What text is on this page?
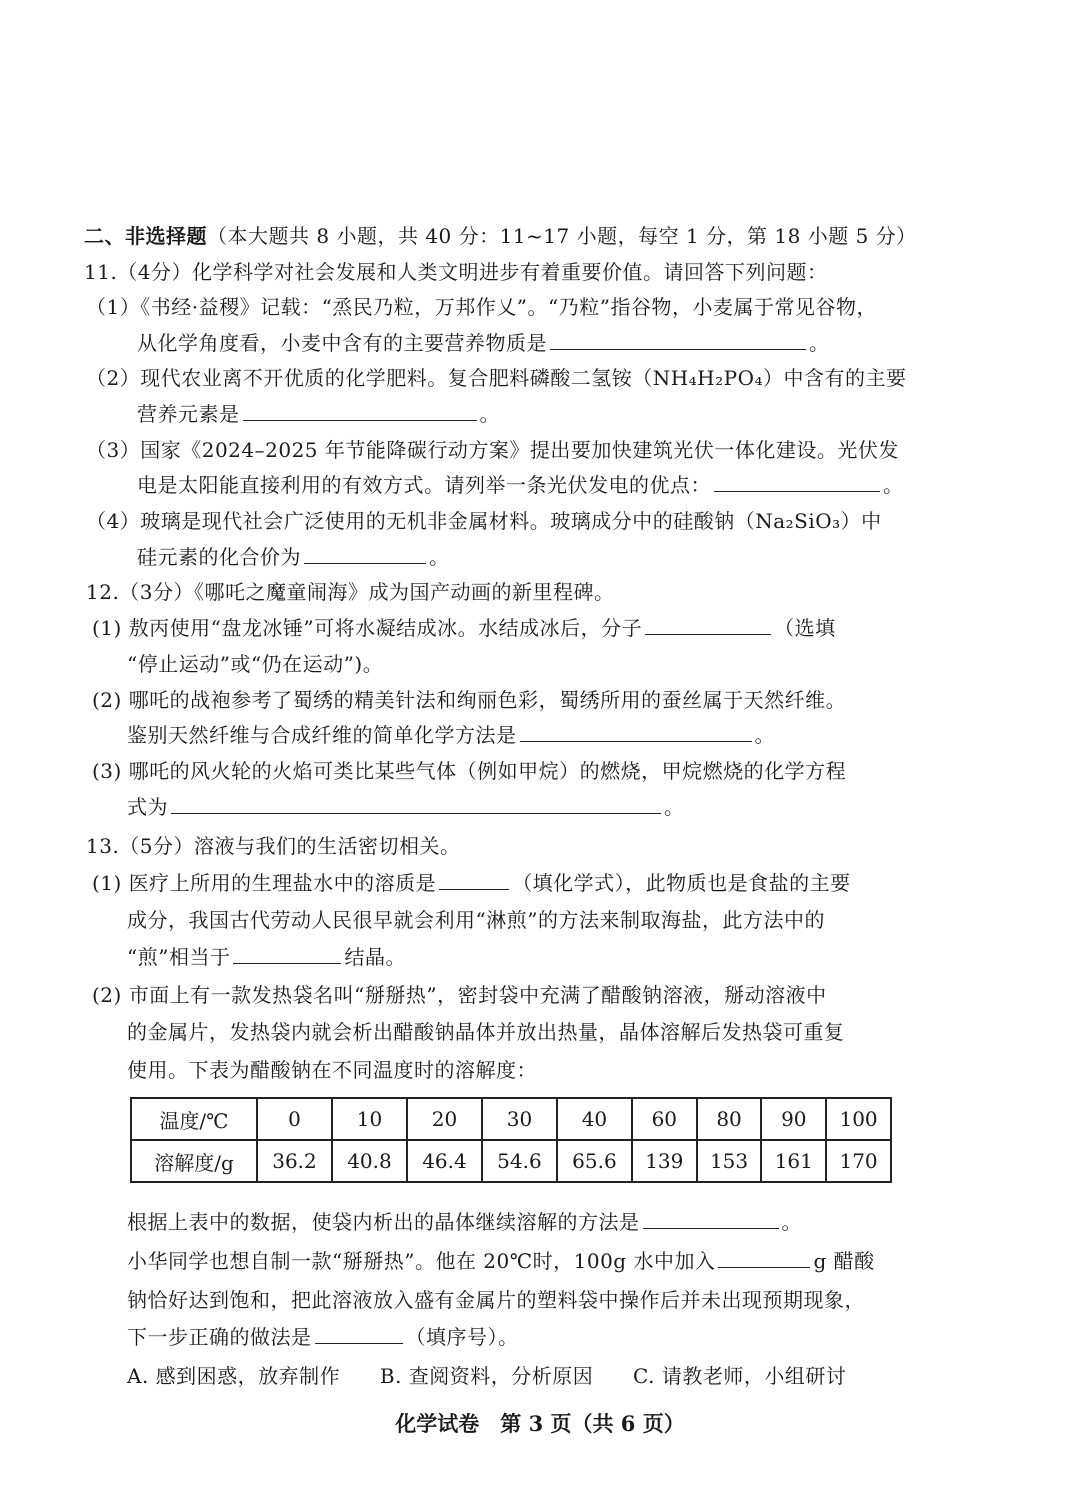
二、非选择题（本大题共 8 小题，共 40 分：11~17 小题，每空 1 分，第 18 小题 5 分）
11.（4分）化学科学对社会发展和人类文明进步有着重要价值。请回答下列问题：
（1）《书经·益稷》记载：“烝民乃粒，万邦作乂”。“乃粒”指谷物，小麦属于常见谷物，
从化学角度看，小麦中含有的主要营养物质是	。
（2）现代农业离不开优质的化学肥料。复合肥料磷酸二氢铵（NH₄H₂PO₄）中含有的主要
营养元素是	。
（3）国家《2024–2025 年节能降碳行动方案》提出要加快建筑光伏一体化建设。光伏发
电是太阳能直接利用的有效方式。请列举一条光伏发电的优点：	。
（4）玻璃是现代社会广泛使用的无机非金属材料。玻璃成分中的硅酸钠（Na₂SiO₃）中
硅元素的化合价为	。
12.（3分）《哪吒之魔童闹海》成为国产动画的新里程碑。
(1) 敖丙使用“盘龙冰锤”可将水凝结成冰。水结成冰后，分子	（选填
“停止运动”或“仍在运动”)。
(2) 哪吒的战袍参考了蜀绣的精美针法和绚丽色彩，蜀绣所用的蚕丝属于天然纤维。
鉴别天然纤维与合成纤维的简单化学方法是	。
(3) 哪吒的风火轮的火焰可类比某些气体（例如甲烷）的燃烧，甲烷燃烧的化学方程
式为	。
13.（5分）溶液与我们的生活密切相关。
(1) 医疗上所用的生理盐水中的溶质是	（填化学式），此物质也是食盐的主要
成分，我国古代劳动人民很早就会利用“淋煎”的方法来制取海盐，此方法中的
“煎”相当于	结晶。
(2) 市面上有一款发热袋名叫“掰掰热”，密封袋中充满了醋酸钠溶液，掰动溶液中
的金属片，发热袋内就会析出醋酸钠晶体并放出热量，晶体溶解后发热袋可重复
使用。下表为醋酸钠在不同温度时的溶解度：
温度/℃	0	10	20	30	40	60	80	90	100
溶解度/g	36.2	40.8	46.4	54.6	65.6	139	153	161	170
根据上表中的数据，使袋内析出的晶体继续溶解的方法是	。
小华同学也想自制一款“掰掰热”。他在 20℃时，100g 水中加入	g 醋酸
钠恰好达到饱和，把此溶液放入盛有金属片的塑料袋中操作后并未出现预期现象，
下一步正确的做法是	（填序号）。
A. 感到困惑，放弃制作 B. 查阅资料，分析原因 C. 请教老师，小组研讨
化学试卷　第 3 页（共 6 页）
